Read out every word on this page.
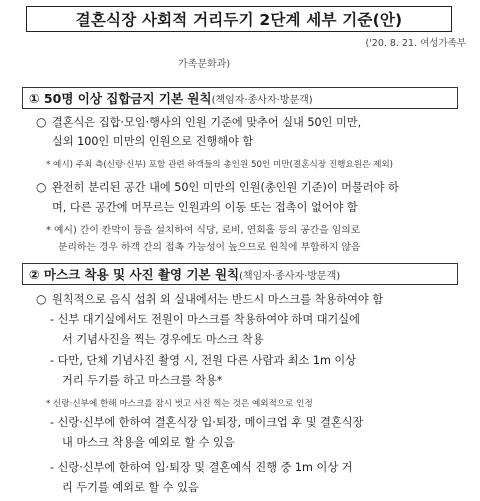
결혼식장 사회적 거리두기 2단계 세부 기준(안)
('20. 8. 21. 여성가족부
가족문화과)
① 50명 이상 집합금지 기본 원칙 (책임자·종사자·방문객)
○ 결혼식은 집합·모임·행사의 인원 기준에 맞추어 실내 50인 미만,
실외 100인 미만의 인원으로 진행해야 함
* 예시) 주최 측(신랑·신부) 포함 관련 하객들의 총인원 50인 미만(결혼식장 진행요원은 제외)
○ 완전히 분리된 공간 내에 50인 미만의 인원(총인원 기준)이 머물러야 하
며, 다른 공간에 머무르는 인원과의 이동 또는 접촉이 없어야 함
* 예시) 간이 칸막이 등을 설치하여 식당, 로비, 연회홀 등의 공간을 임의로
분리하는 경우 하객 간의 접촉 가능성이 높으므로 원칙에 부합하지 않음
② 마스크 착용 및 사진 촬영 기본 원칙 (책임자·종사자·방문객)
○ 원칙적으로 음식 섭취 외 실내에서는 반드시 마스크를 착용하여야 함
- 신부 대기실에서도 전원이 마스크를 착용하여야 하며 대기실에
서 기념사진을 찍는 경우에도 마스크 착용
- 다만, 단체 기념사진 촬영 시, 전원 다른 사람과 최소 1m 이상
거리 두기를 하고 마스크를 착용*
* 신랑·신부에 한해 마스크를 잠시 벗고 사진 찍는 것은 예외적으로 인정
- 신랑·신부에 한하여 결혼식장 입·퇴장, 메이크업 후 및 결혼식장
내 마스크 착용을 예외로 할 수 있음
- 신랑·신부에 한하여 입·퇴장 및 결혼예식 진행 중 1m 이상 거
리 두기를 예외로 할 수 있음
